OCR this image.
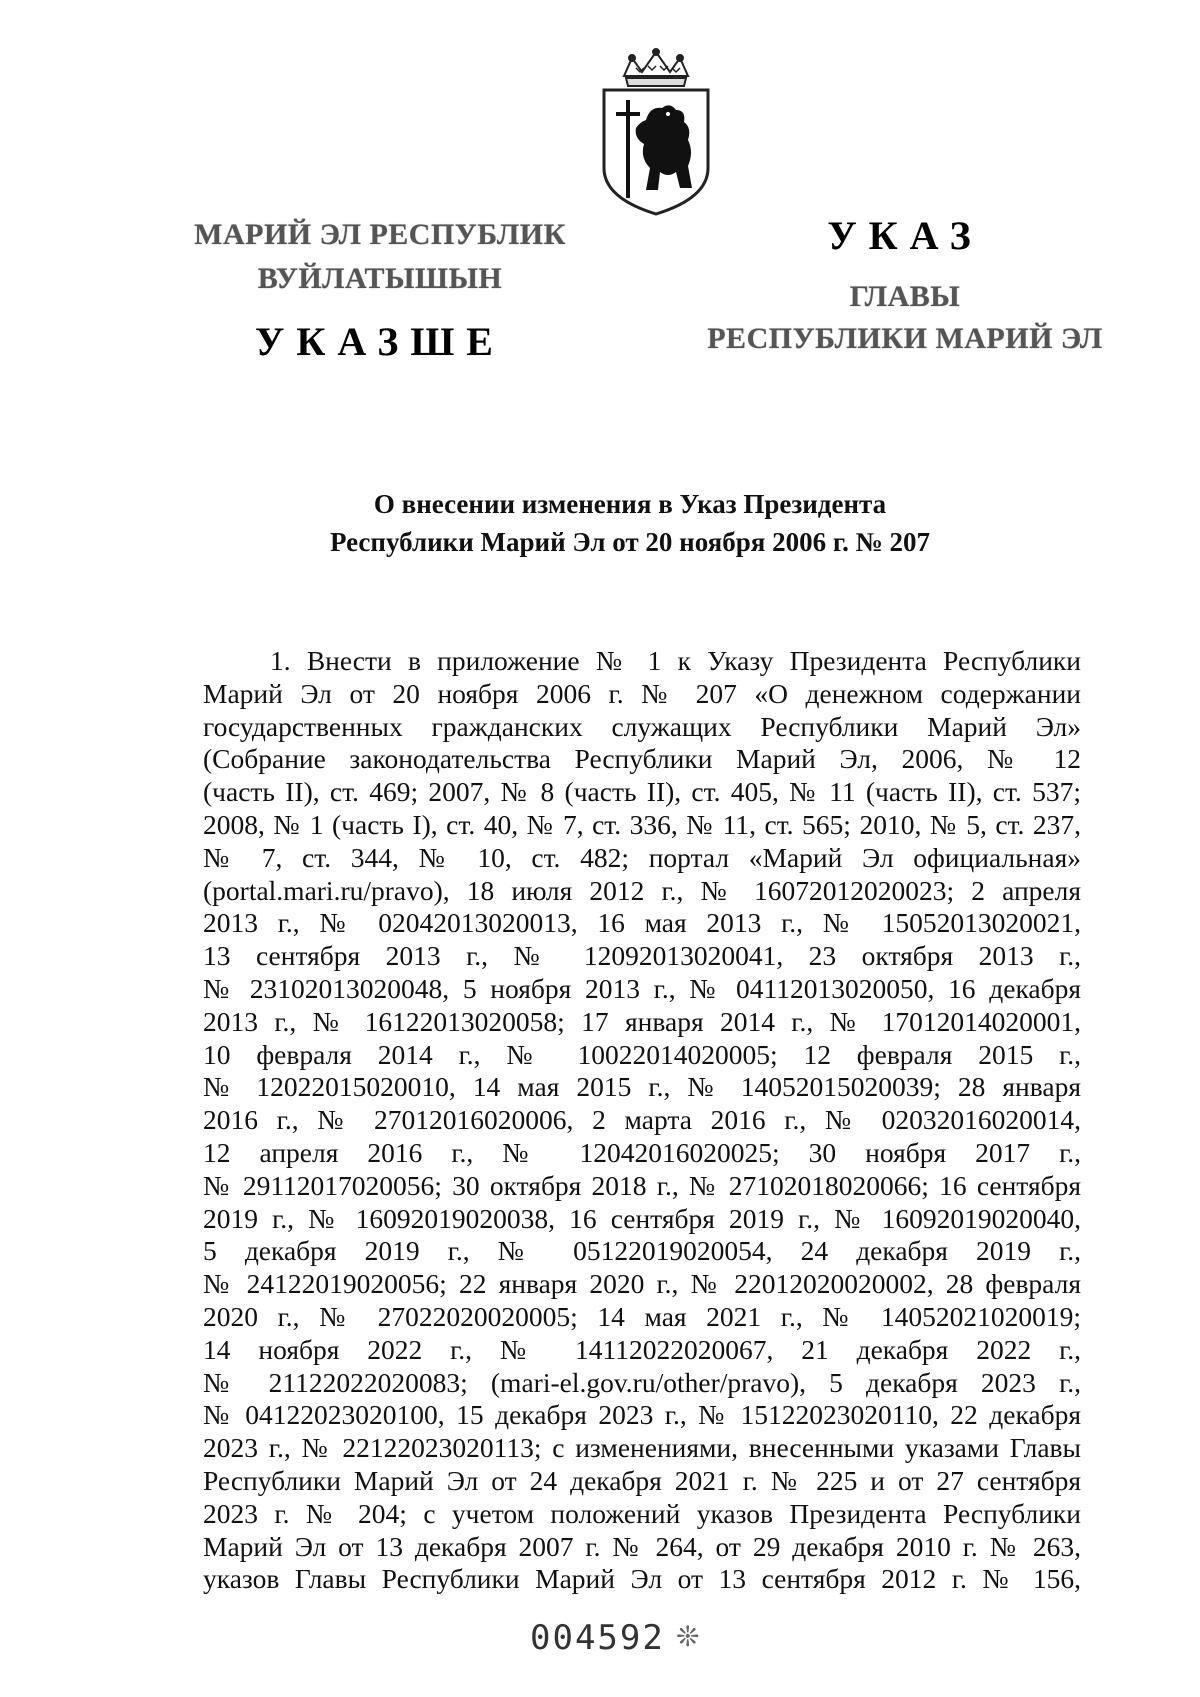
МАРИЙ ЭЛ РЕСПУБЛИК
ВУЙЛАТЫШЫН
УКАЗШЕ
УКАЗ
ГЛАВЫ
РЕСПУБЛИКИ МАРИЙ ЭЛ
О внесении изменения в Указ Президента
Республики Марий Эл от 20 ноября 2006 г. № 207
1. Внести в приложение № 1 к Указу Президента Республики
Марий Эл от 20 ноября 2006 г. № 207 «О денежном содержании
государственных гражданских служащих Республики Марий Эл»
(Собрание законодательства Республики Марий Эл, 2006, № 12
(часть II), ст. 469; 2007, № 8 (часть II), ст. 405, № 11 (часть II), ст. 537;
2008, № 1 (часть I), ст. 40, № 7, ст. 336, № 11, ст. 565; 2010, № 5, ст. 237,
№ 7, ст. 344, № 10, ст. 482; портал «Марий Эл официальная»
(portal.mari.ru/pravo), 18 июля 2012 г., № 16072012020023; 2 апреля
2013 г., № 02042013020013, 16 мая 2013 г., № 15052013020021,
13 сентября 2013 г., № 12092013020041, 23 октября 2013 г.,
№ 23102013020048, 5 ноября 2013 г., № 04112013020050, 16 декабря
2013 г., № 16122013020058; 17 января 2014 г., № 17012014020001,
10 февраля 2014 г., № 10022014020005; 12 февраля 2015 г.,
№ 12022015020010, 14 мая 2015 г., № 14052015020039; 28 января
2016 г., № 27012016020006, 2 марта 2016 г., № 02032016020014,
12 апреля 2016 г., № 12042016020025; 30 ноября 2017 г.,
№ 29112017020056; 30 октября 2018 г., № 27102018020066; 16 сентября
2019 г., № 16092019020038, 16 сентября 2019 г., № 16092019020040,
5 декабря 2019 г., № 05122019020054, 24 декабря 2019 г.,
№ 24122019020056; 22 января 2020 г., № 22012020020002, 28 февраля
2020 г., № 27022020020005; 14 мая 2021 г., № 14052021020019;
14 ноября 2022 г., № 14112022020067, 21 декабря 2022 г.,
№ 21122022020083; (mari-el.gov.ru/other/pravo), 5 декабря 2023 г.,
№ 04122023020100, 15 декабря 2023 г., № 15122023020110, 22 декабря
2023 г., № 22122023020113; с изменениями, внесенными указами Главы
Республики Марий Эл от 24 декабря 2021 г. № 225 и от 27 сентября
2023 г. № 204; с учетом положений указов Президента Республики
Марий Эл от 13 декабря 2007 г. № 264, от 29 декабря 2010 г. № 263,
указов Главы Республики Марий Эл от 13 сентября 2012 г. № 156,
004592 ❊
